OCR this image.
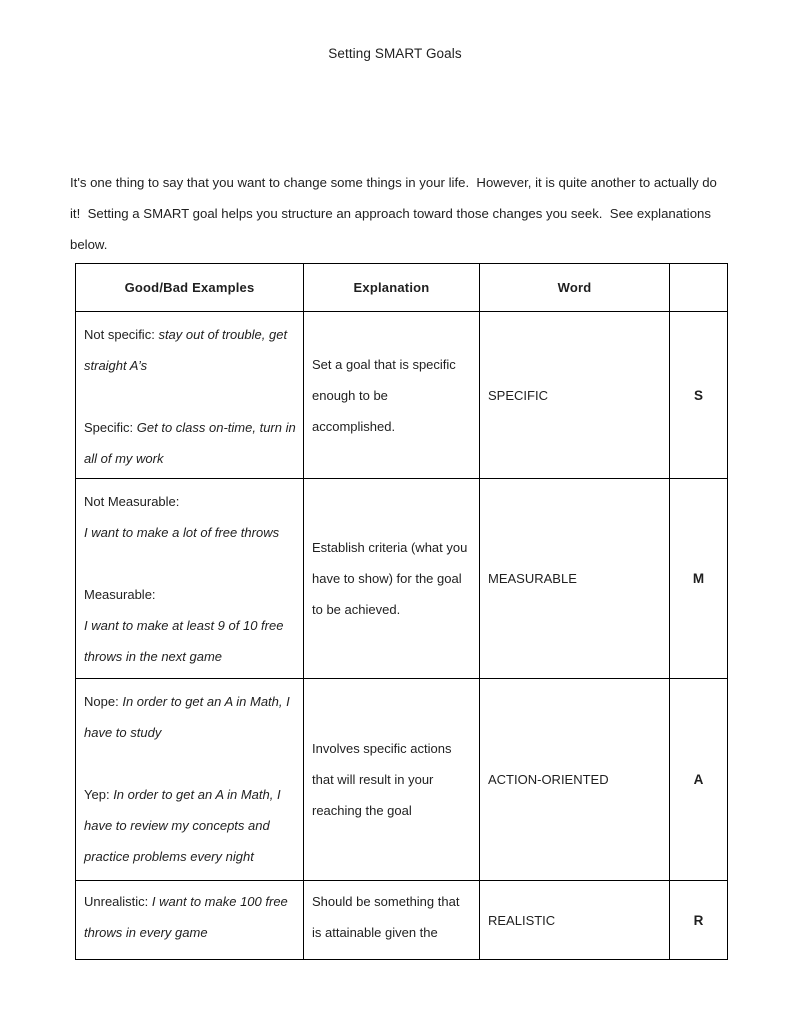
Setting SMART Goals

It's one thing to say that you want to change some things in your life.  However, it is quite another to actually do it!  Setting a SMART goal helps you structure an approach toward those changes you seek.  See explanations below.

Good/Bad Examples	Explanation	Word	

Not specific: stay out of trouble, get straight A’s
Specific: Get to class on-time, turn in all of my work	Set a goal that is specific enough to be accomplished.	SPECIFIC	S

Not Measurable:
I want to make a lot of free throws
Measurable:
I want to make at least 9 of 10 free throws in the next game	Establish criteria (what you have to show) for the goal to be achieved.	MEASURABLE	M

Nope: In order to get an A in Math, I have to study
Yep: In order to get an A in Math, I have to review my concepts and practice problems every night	Involves specific actions that will result in your reaching the goal	ACTION-ORIENTED	A

Unrealistic: I want to make 100 free throws in every game	Should be something that is attainable given the	REALISTIC	R
